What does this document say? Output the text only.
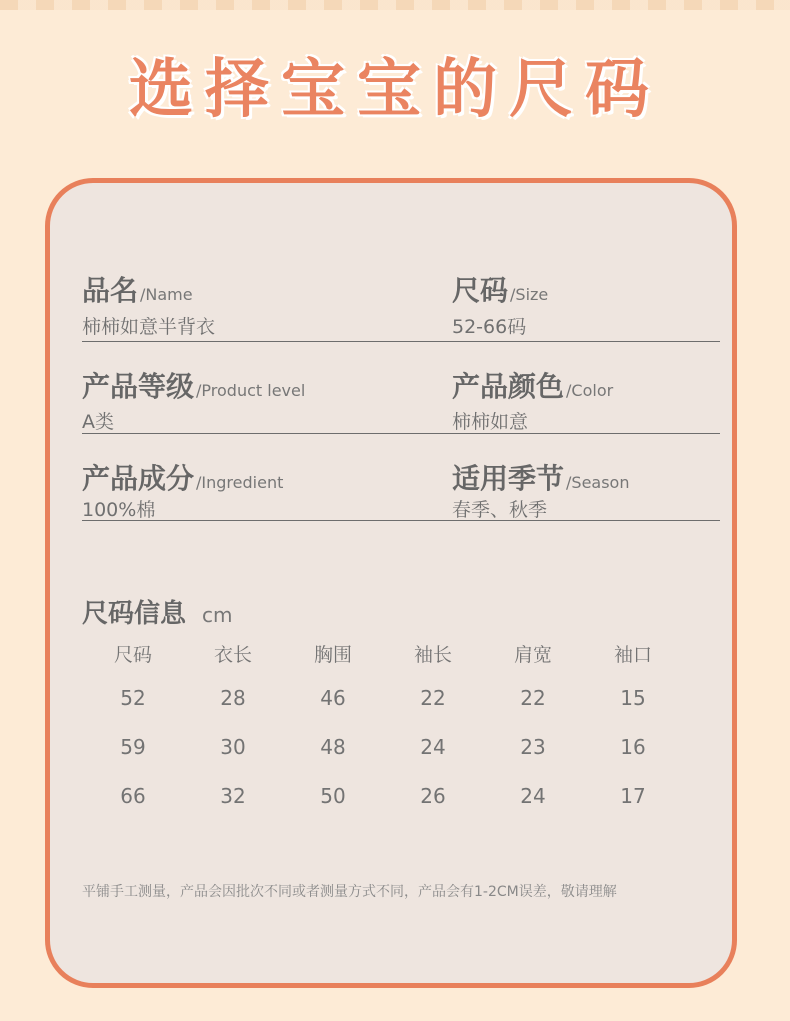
选择宝宝的尺码
品名 /Name
柿柿如意半背衣
尺码 /Size
52-66码
产品等级 /Product level
A类
产品颜色 /Color
柿柿如意
产品成分 /Ingredient
100%棉
适用季节 /Season
春季、秋季
尺码信息 cm
尺码	衣长	胸围	袖长	肩宽	袖口
52	28	46	22	22	15
59	30	48	24	23	16
66	32	50	26	24	17
平铺手工测量，产品会因批次不同或者测量方式不同，产品会有1-2CM误差，敬请理解
